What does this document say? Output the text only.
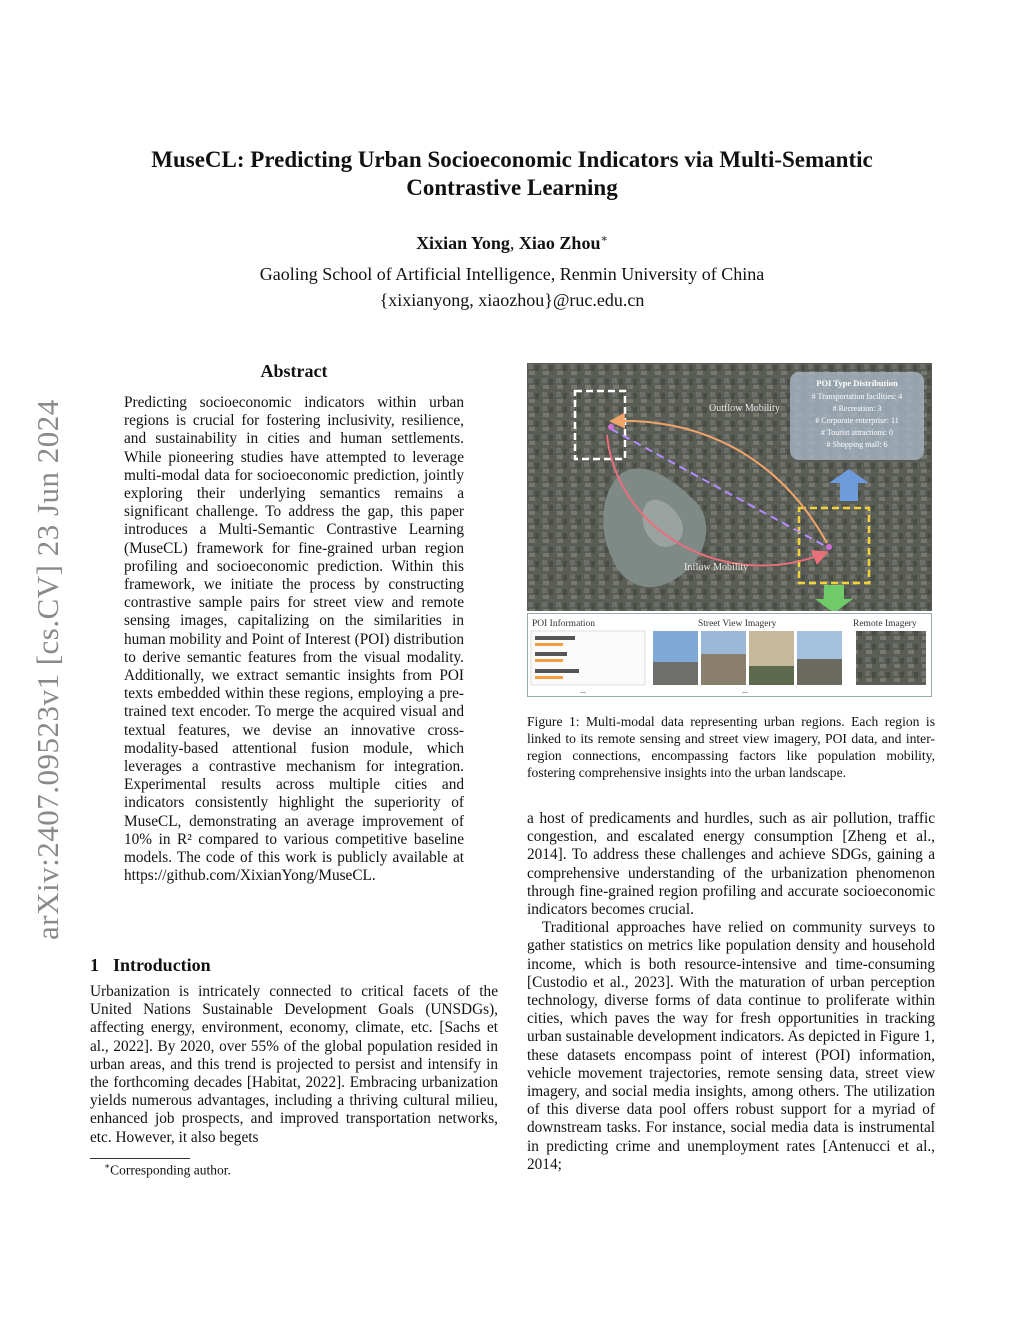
arXiv:2407.09523v1 [cs.CV] 23 Jun 2024
MuseCL: Predicting Urban Socioeconomic Indicators via Multi-Semantic
Contrastive Learning
Xixian Yong, Xiao Zhou∗
Gaoling School of Artificial Intelligence, Renmin University of China
{xixianyong, xiaozhou}@ruc.edu.cn
Abstract
Predicting socioeconomic indicators within urban regions is crucial for fostering inclusivity, resilience, and sustainability in cities and human settlements. While pioneering studies have attempted to leverage multi-modal data for socioeconomic prediction, jointly exploring their underlying semantics remains a significant challenge. To address the gap, this paper introduces a Multi-Semantic Contrastive Learning (MuseCL) framework for fine-grained urban region profiling and socioeconomic prediction. Within this framework, we initiate the process by constructing contrastive sample pairs for street view and remote sensing images, capitalizing on the similarities in human mobility and Point of Interest (POI) distribution to derive semantic features from the visual modality. Additionally, we extract semantic insights from POI texts embedded within these regions, employing a pre-trained text encoder. To merge the acquired visual and textual features, we devise an innovative cross-modality-based attentional fusion module, which leverages a contrastive mechanism for integration. Experimental results across multiple cities and indicators consistently highlight the superiority of MuseCL, demonstrating an average improvement of 10% in R² compared to various competitive baseline models. The code of this work is publicly available at https://github.com/XixianYong/MuseCL.
1 Introduction
Urbanization is intricately connected to critical facets of the United Nations Sustainable Development Goals (UNSDGs), affecting energy, environment, economy, climate, etc. [Sachs et al., 2022]. By 2020, over 55% of the global population resided in urban areas, and this trend is projected to persist and intensify in the forthcoming decades [Habitat, 2022]. Embracing urbanization yields numerous advantages, including a thriving cultural milieu, enhanced job prospects, and improved transportation networks, etc. However, it also begets
∗Corresponding author.
POI Type Distribution
# Transportation facilities: 4
# Recreation: 3
# Corporate enterprise: 11
# Tourist attractions: 0
# Shopping mall: 6
Outflow Mobility
Inflow Mobility
POI Information
...
Street View Imagery
...
Remote Imagery
Figure 1: Multi-modal data representing urban regions. Each region is linked to its remote sensing and street view imagery, POI data, and inter-region connections, encompassing factors like population mobility, fostering comprehensive insights into the urban landscape.

a host of predicaments and hurdles, such as air pollution, traffic congestion, and escalated energy consumption [Zheng et al., 2014]. To address these challenges and achieve SDGs, gaining a comprehensive understanding of the urbanization phenomenon through fine-grained region profiling and accurate socioeconomic indicators becomes crucial.

Traditional approaches have relied on community surveys to gather statistics on metrics like population density and household income, which is both resource-intensive and time-consuming [Custodio et al., 2023]. With the maturation of urban perception technology, diverse forms of data continue to proliferate within cities, which paves the way for fresh opportunities in tracking urban sustainable development indicators. As depicted in Figure 1, these datasets encompass point of interest (POI) information, vehicle movement trajectories, remote sensing data, street view imagery, and social media insights, among others. The utilization of this diverse data pool offers robust support for a myriad of downstream tasks. For instance, social media data is instrumental in predicting crime and unemployment rates [Antenucci et al., 2014;
